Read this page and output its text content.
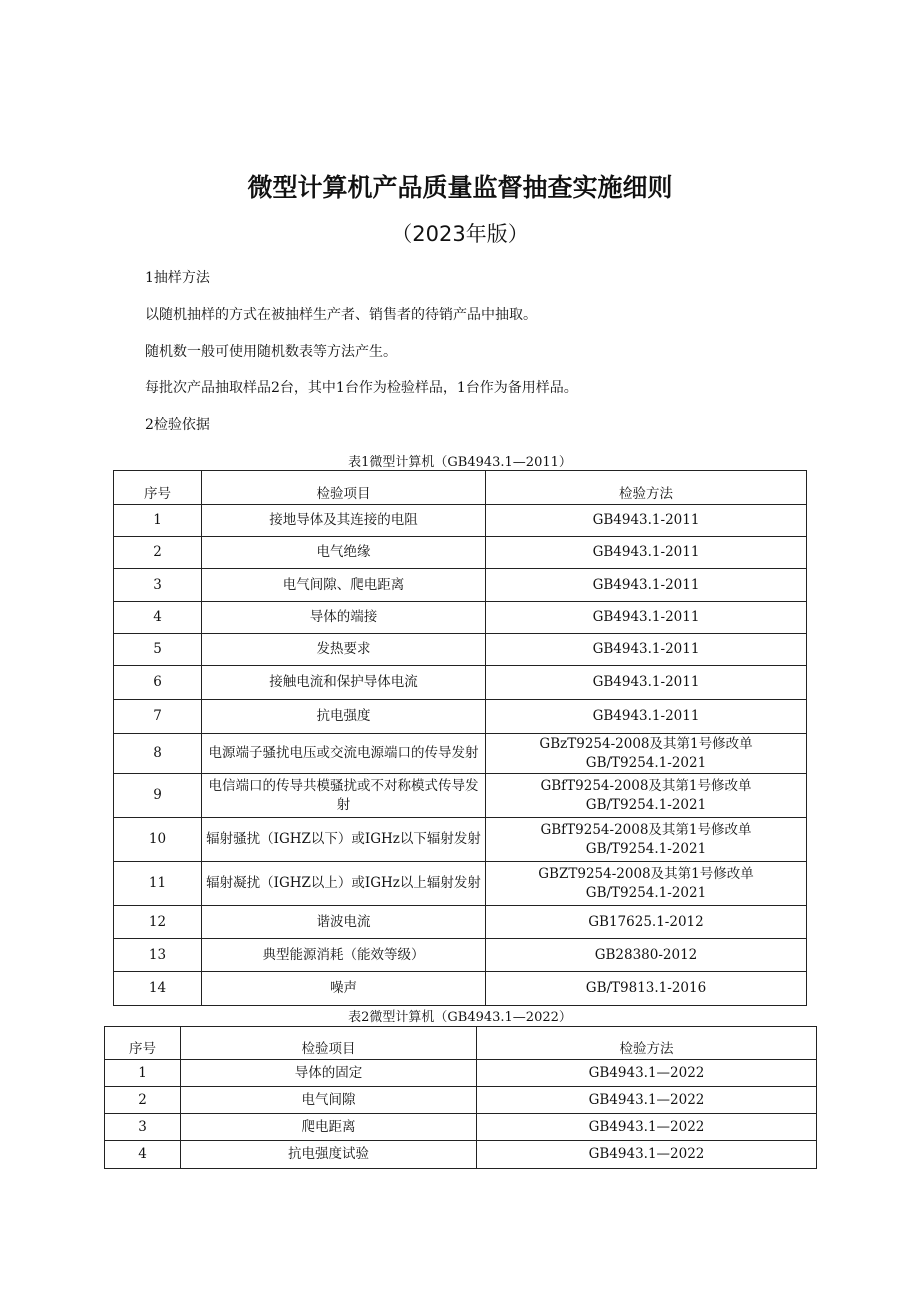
微型计算机产品质量监督抽查实施细则
（2023年版）
1抽样方法
以随机抽样的方式在被抽样生产者、销售者的待销产品中抽取。
随机数一般可使用随机数表等方法产生。
每批次产品抽取样品2台，其中1台作为检验样品，1台作为备用样品。
2检验依据
表1微型计算机（GB4943.1—2011）
序号	检验项目	检验方法
1	接地导体及其连接的电阻	GB4943.1-2011

2	电气绝缘	GB4943.1-2011

3	电气间隙、爬电距离	GB4943.1-2011

4	导体的端接	GB4943.1-2011

5	发热要求	GB4943.1-2011

6	接触电流和保护导体电流	GB4943.1-2011

7	抗电强度	GB4943.1-2011

8	电源端子骚扰电压或交流电源端口的传导发射	GBzT9254-2008及其第1号修改单
GB/T9254.1-2021

9	电信端口的传导共模骚扰或不对称模式传导发射	GBfT9254-2008及其第1号修改单
GB/T9254.1-2021

10	辐射骚扰（IGHZ以下）或IGHz以下辐射发射	GBfT9254-2008及其第1号修改单
GB/T9254.1-2021

11	辐射凝扰（IGHZ以上）或IGHz以上辐射发射	GBZT9254-2008及其第1号修改单
GB/T9254.1-2021

12	谐波电流	GB17625.1-2012

13	典型能源消耗（能效等级）	GB28380-2012

14	噪声	GB/T9813.1-2016
表2微型计算机（GB4943.1—2022）
序号	检验项目	检验方法
1	导体的固定	GB4943.1—2022
2	电气间隙	GB4943.1—2022
3	爬电距离	GB4943.1—2022
4	抗电强度试验	GB4943.1—2022
